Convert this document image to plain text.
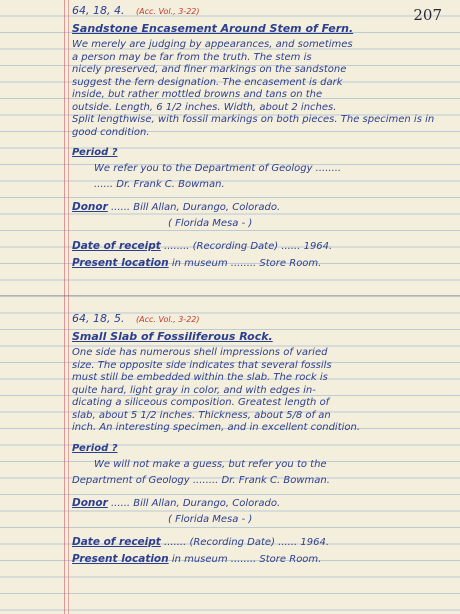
207
64, 18, 4. (Acc. Vol., 3-22)
Sandstone Encasement Around Stem of Fern.
We merely are judging by appearances, and sometimes
a person may be far from the truth. The stem is
nicely preserved, and finer markings on the sandstone
suggest the fern designation. The encasement is dark
inside, but rather mottled browns and tans on the
outside. Length, 6 1/2 inches. Width, about 2 inches.
Split lengthwise, with fossil markings on both pieces. The specimen is in good condition.
Period ?
We refer you to the Department of Geology ........
...... Dr. Frank C. Bowman.
Donor ...... Bill Allan, Durango, Colorado.
( Florida Mesa - )
Date of receipt ........ (Recording Date) ...... 1964.
Present location in museum ........ Store Room.
64, 18, 5. (Acc. Vol., 3-22)
Small Slab of Fossiliferous Rock.
One side has numerous shell impressions of varied
size. The opposite side indicates that several fossils
must still be embedded within the slab. The rock is
quite hard, light gray in color, and with edges in-
dicating a siliceous composition. Greatest length of
slab, about 5 1/2 inches. Thickness, about 5/8 of an
inch. An interesting specimen, and in excellent condition.
Period ?
We will not make a guess, but refer you to the
Department of Geology ........ Dr. Frank C. Bowman.
Donor ...... Bill Allan, Durango, Colorado.
( Florida Mesa - )
Date of receipt ....... (Recording Date) ...... 1964.
Present location in museum ........ Store Room.
